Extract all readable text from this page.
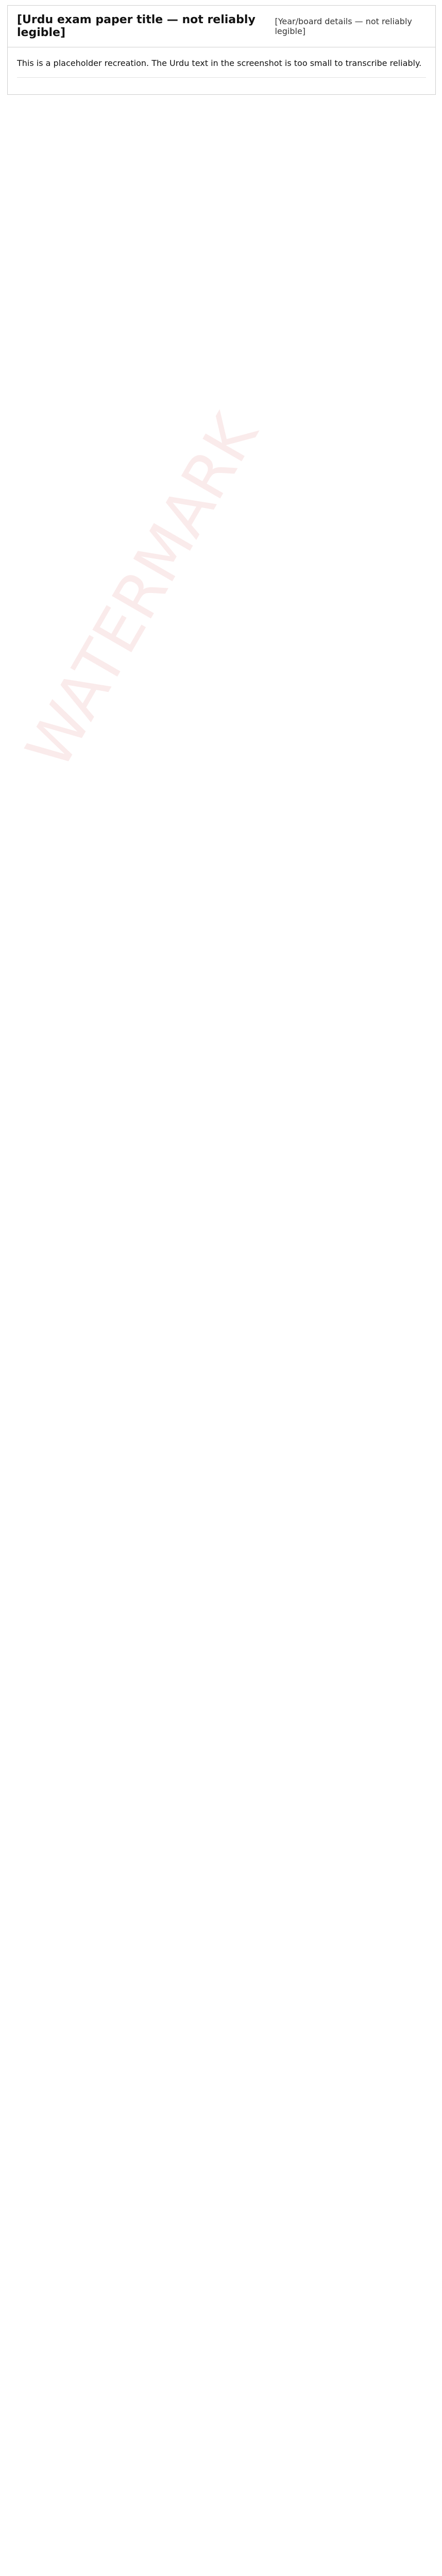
[Urdu exam paper title — not reliably legible]
[Year/board details — not reliably legible]
This is a placeholder recreation. The Urdu text in the screenshot is too small to transcribe reliably.
WATERMARK
